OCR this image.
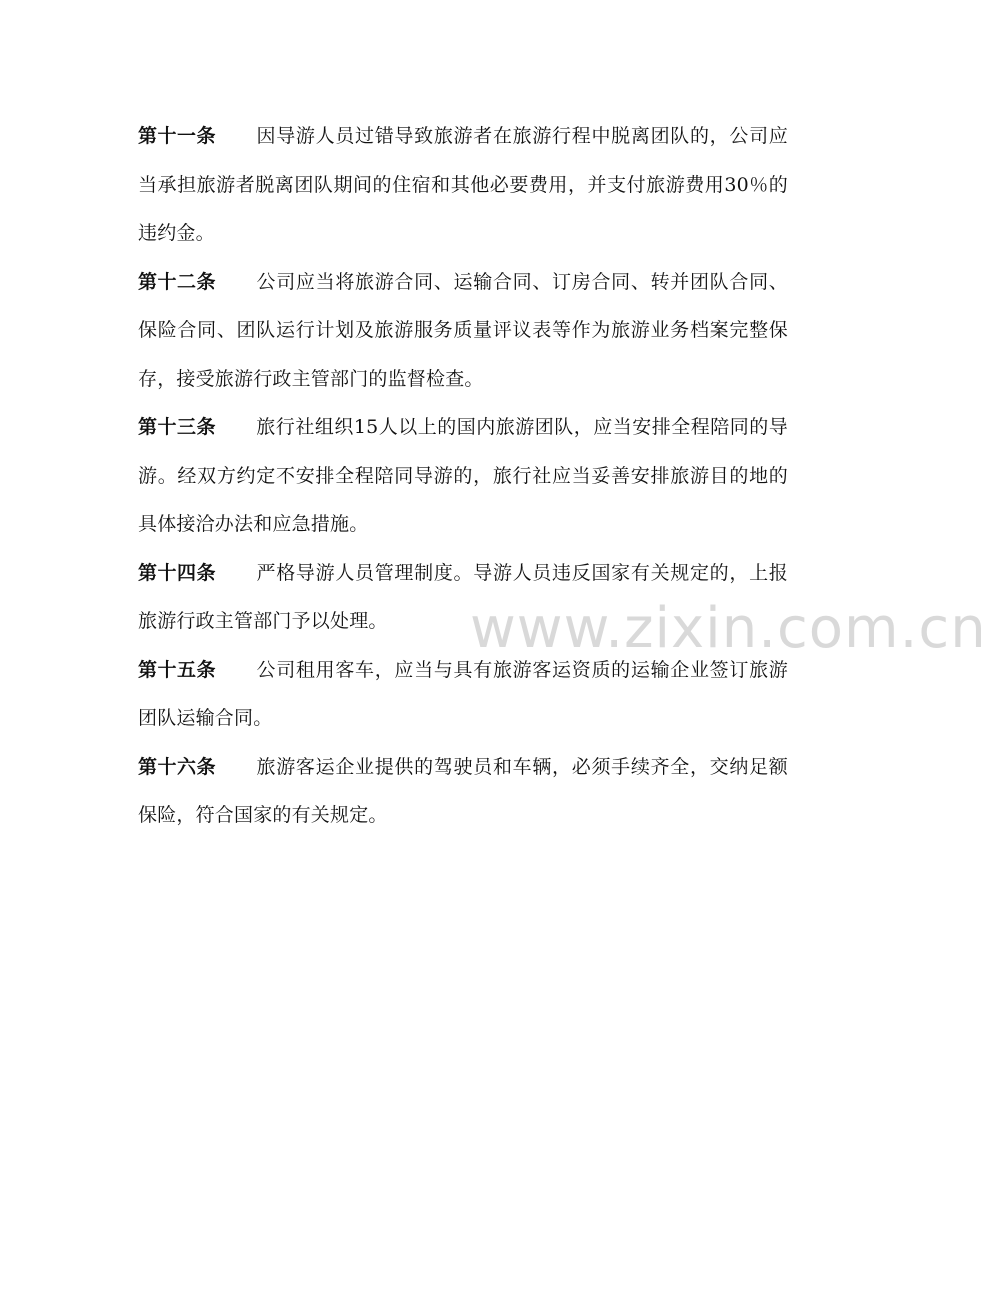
第十一条 因导游人员过错导致旅游者在旅游行程中脱离团队的，公司应当承担旅游者脱离团队期间的住宿和其他必要费用，并支付旅游费用30％的违约金。

第十二条 公司应当将旅游合同、运输合同、订房合同、转并团队合同、保险合同、团队运行计划及旅游服务质量评议表等作为旅游业务档案完整保存，接受旅游行政主管部门的监督检查。

第十三条 旅行社组织15人以上的国内旅游团队，应当安排全程陪同的导游。经双方约定不安排全程陪同导游的，旅行社应当妥善安排旅游目的地的具体接洽办法和应急措施。

第十四条 严格导游人员管理制度。导游人员违反国家有关规定的，上报旅游行政主管部门予以处理。

第十五条 公司租用客车，应当与具有旅游客运资质的运输企业签订旅游团队运输合同。

第十六条 旅游客运企业提供的驾驶员和车辆，必须手续齐全，交纳足额保险，符合国家的有关规定。

www.zixin.com.cn
